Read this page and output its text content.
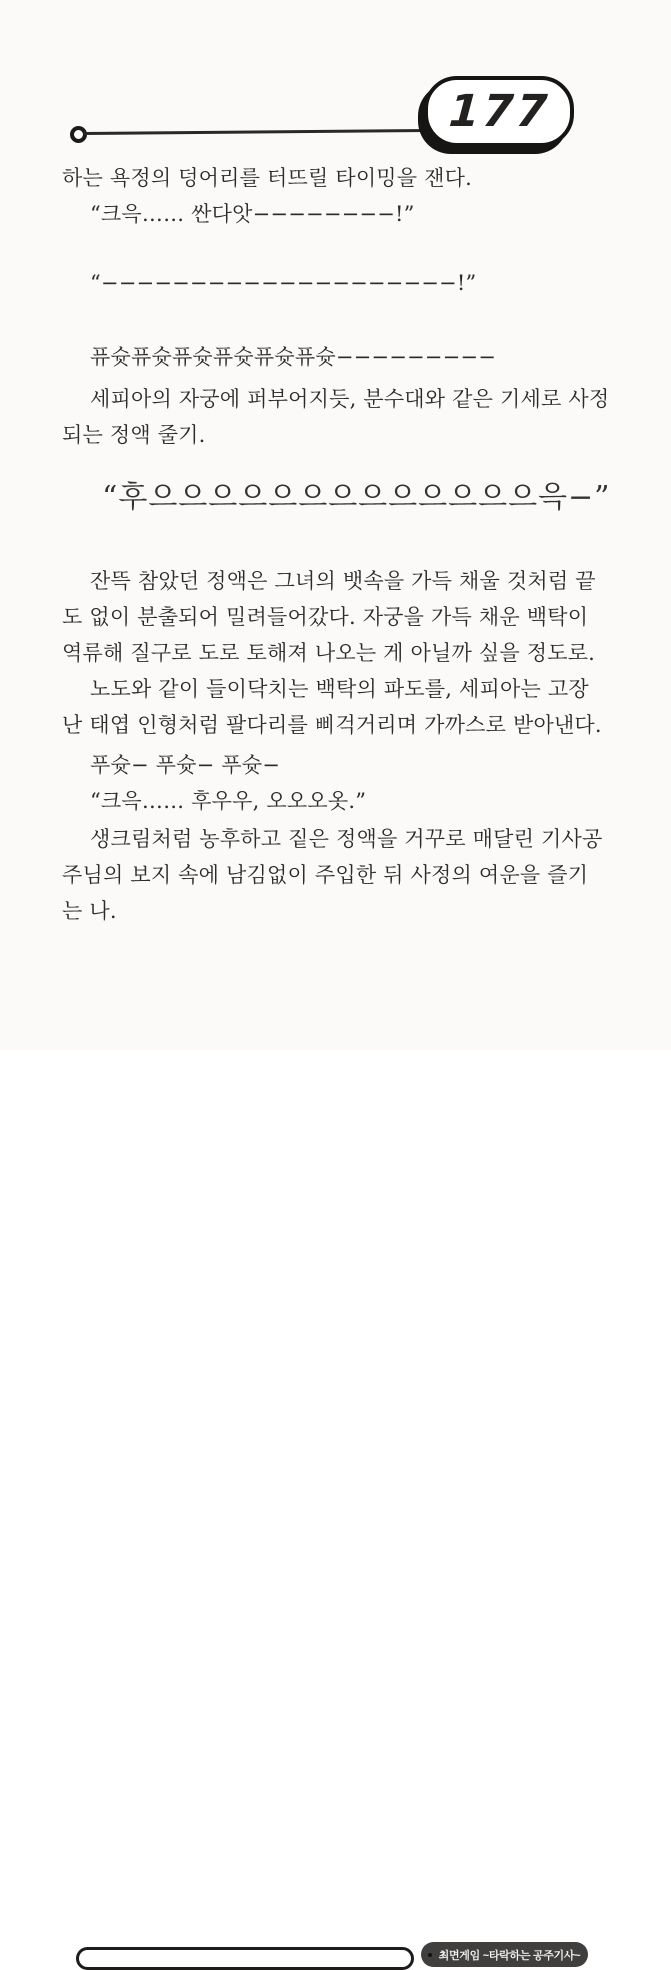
177
하는 욕정의 덩어리를 터뜨릴 타이밍을 잰다.
“크윽…… 싼다앗−−−−−−−−!”
“−−−−−−−−−−−−−−−−−−−−!”
퓨슛퓨슛퓨슛퓨슛퓨슛퓨슛−−−−−−−−−
세피아의 자궁에 퍼부어지듯, 분수대와 같은 기세로 사정
되는 정액 줄기.
“후으으으으으으으으으으으으으윽−”
잔뜩 참았던 정액은 그녀의 뱃속을 가득 채울 것처럼 끝
도 없이 분출되어 밀려들어갔다. 자궁을 가득 채운 백탁이
역류해 질구로 도로 토해져 나오는 게 아닐까 싶을 정도로.
노도와 같이 들이닥치는 백탁의 파도를, 세피아는 고장
난 태엽 인형처럼 팔다리를 삐걱거리며 가까스로 받아낸다.
푸슛− 푸슛− 푸슛−
“크윽…… 후우우, 오오오옷.”
생크림처럼 농후하고 짙은 정액을 거꾸로 매달린 기사공
주님의 보지 속에 남김없이 주입한 뒤 사정의 여운을 즐기
는 나.
최면게임 ~타락하는 공주기사~
